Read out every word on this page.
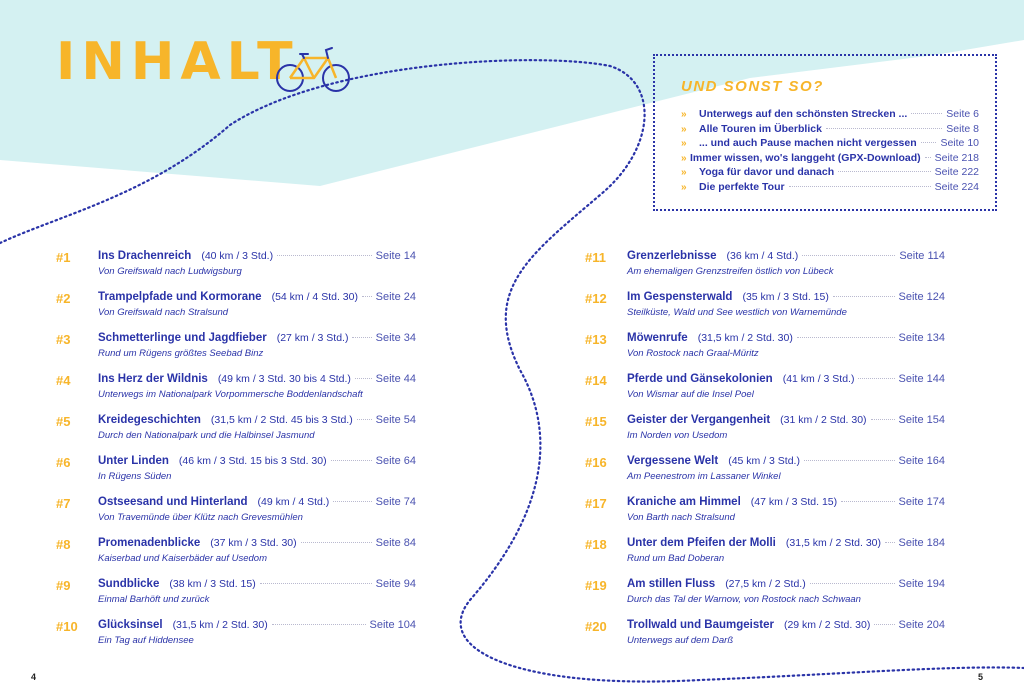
INHALT	UND SONST SO?
»	Unterwegs auf den schönsten Strecken ...	Seite 6
»	Alle Touren im Überblick	Seite 8
»	... und auch Pause machen nicht vergessen Seite 10
» Immer wissen, wo's langgeht (GPX-Download) Seite 218
»	Yoga für davor und danach	Seite 222
»	Die perfekte Tour	Seite 224
#1 Ins Drachenreich (40 km / 3 Std.)	Seite 14
Von Greifswald nach Ludwigsburg
#2 Trampelpfade und Kormorane (54 km / 4 Std. 30) Seite 24
Von Greifswald nach Stralsund
#3 Schmetterlinge und Jagdfieber (27 km / 3 Std.) Seite 34
Rund um Rügens größtes Seebad Binz
#4 Ins Herz der Wildnis (49 km / 3 Std. 30 bis 4 Std.) Seite 44
Unterwegs im Nationalpark Vorpommersche Boddenlandschaft
#5 Kreidegeschichten (31,5 km / 2 Std. 45 bis 3 Std.) Seite 54
Durch den Nationalpark und die Halbinsel Jasmund
#6 Unter Linden (46 km / 3 Std. 15 bis 3 Std. 30)	Seite 64
In Rügens Süden
#7 Ostseesand und Hinterland (49 km / 4 Std.)	Seite 74
Von Travemünde über Klütz nach Grevesmühlen
#8 Promenadenblicke (37 km / 3 Std. 30)	Seite 84
Kaiserbad und Kaiserbäder auf Usedom
#9 Sundblicke (38 km / 3 Std. 15)	Seite 94
Einmal Barhöft und zurück
#10 Glücksinsel (31,5 km / 2 Std. 30)	Seite 104
Ein Tag auf Hiddensee
#11 Grenzerlebnisse (36 km / 4 Std.)	Seite 114
Am ehemaligen Grenzstreifen östlich von Lübeck
#12 Im Gespensterwald (35 km / 3 Std. 15)	Seite 124
Steilküste, Wald und See westlich von Warnemünde
#13 Möwenrufe (31,5 km / 2 Std. 30)	Seite 134
Von Rostock nach Graal-Müritz
#14 Pferde und Gänsekolonien (41 km / 3 Std.)	Seite 144
Von Wismar auf die Insel Poel
#15 Geister der Vergangenheit (31 km / 2 Std. 30)	Seite 154
Im Norden von Usedom
#16 Vergessene Welt (45 km / 3 Std.)	Seite 164
Am Peenestrom im Lassaner Winkel
#17 Kraniche am Himmel (47 km / 3 Std. 15)	Seite 174
Von Barth nach Stralsund
#18 Unter dem Pfeifen der Molli (31,5 km / 2 Std. 30) Seite 184
Rund um Bad Doberan
#19 Am stillen Fluss (27,5 km / 2 Std.)	Seite 194
Durch das Tal der Warnow, von Rostock nach Schwaan
#20 Trollwald und Baumgeister (29 km / 2 Std. 30)	Seite 204
Unterwegs auf dem Darß
4	5
